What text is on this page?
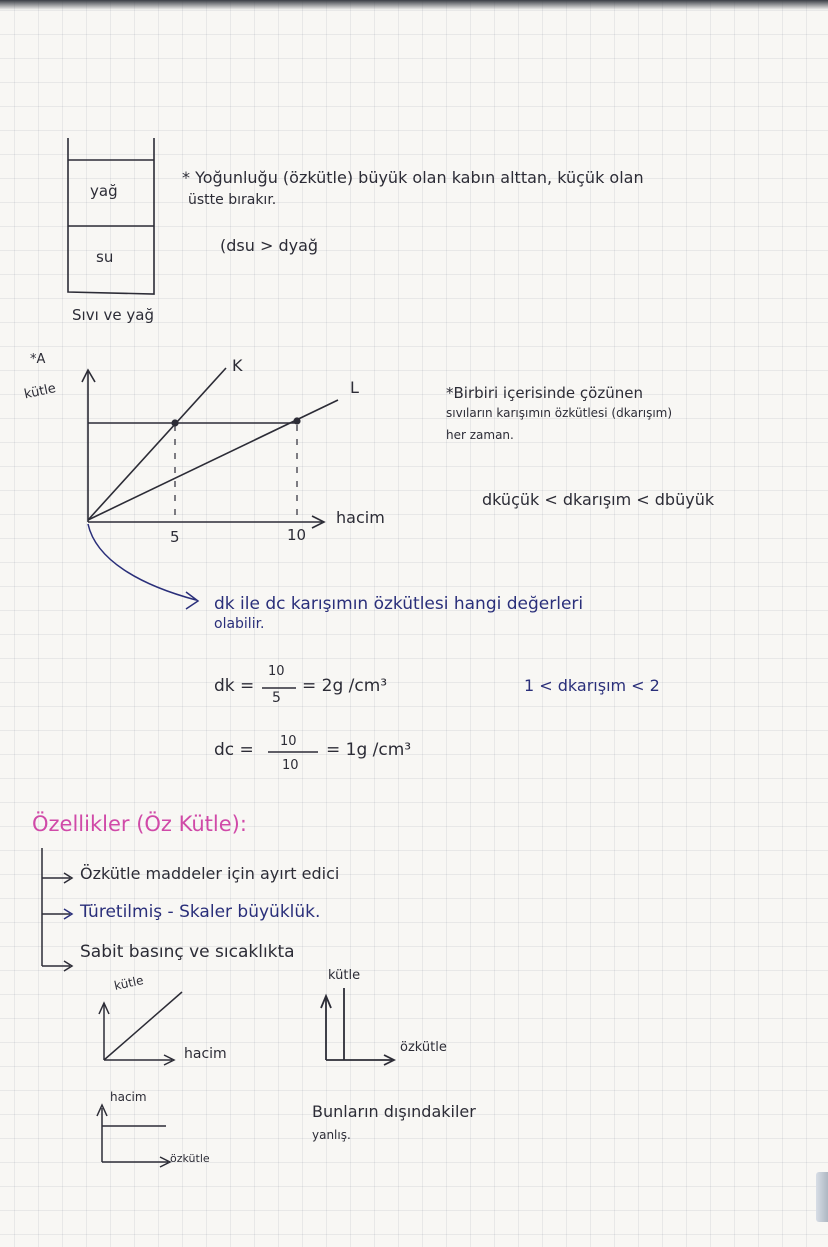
yağ
su
Sıvı ve yağ
* Yoğunluğu (özkütle) büyük olan kabın alttan, küçük olan
üstte bırakır.
(dsu > dyağ
*A
kütle
K
L
hacim
5	10
*Birbiri içerisinde çözünen
sıvıların karışımın özkütlesi (dkarışım)
her zaman.
dküçük < dkarışım < dbüyük
dk ile dc karışımın özkütlesi hangi değerleri
olabilir.
dk =
10
5
= 2g /cm³
dc = 10
10
= 1g /cm³
1 < dkarışım < 2
Özellikler (Öz Kütle):
Özkütle maddeler için ayırt edici
Türetilmiş - Skaler büyüklük.
Sabit basınç ve sıcaklıkta
kütle
hacim
kütle
özkütle
hacim
özkütle
Bunların dışındakiler
yanlış.
